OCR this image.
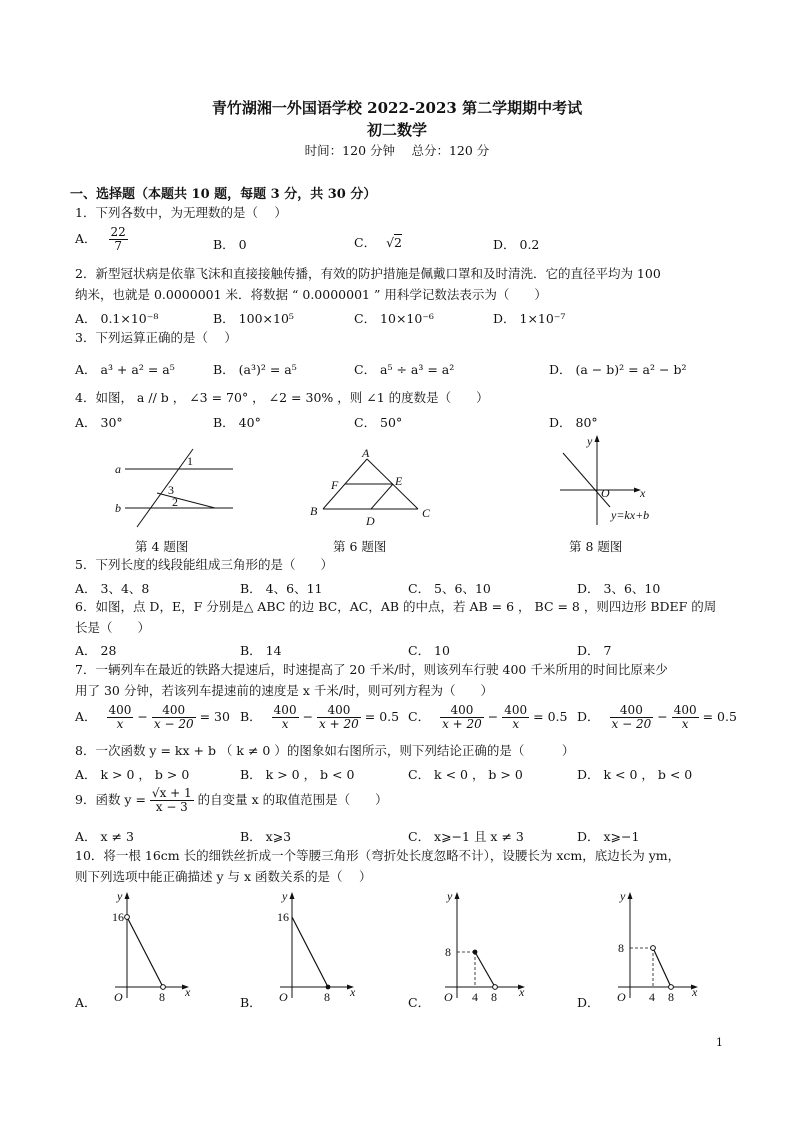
青竹湖湘一外国语学校 2022-2023 第二学期期中考试
初二数学
时间：120 分钟　 总分：120 分
一、选择题（本题共 10 题，每题 3 分，共 30 分）
1．下列各数中，为无理数的是（　 ）
A． $\frac{22}{7}$	B． 0	C． √2	D． 0.2
2．新型冠状病是依靠飞沫和直接接触传播，有效的防护措施是佩戴口罩和及时清洗．它的直径平均为 100
纳米，也就是 0.0000001 米．将数据 “ 0.0000001 ” 用科学记数法表示为（　　）
A． 0.1×10⁻⁸	B． 100×10⁵	C． 10×10⁻⁶	D． 1×10⁻⁷
3．下列运算正确的是（　 ）
A． a³ + a² = a⁵	B． (a³)² = a⁵	C． a⁵ ÷ a³ = a²	D． (a − b)² = a² − b²
4．如图， a // b ， ∠3 = 70° ， ∠2 = 30% ，则 ∠1 的度数是（　　）
A． 30°	B． 40°	C． 50°	D． 80°
a
b
1
3
2
第 4 题图
A
B	C
D
E
F
第 6 题图
y
x
O
y=kx+b
第 8 题图
5．下列长度的线段能组成三角形的是（　　）
A． 3、4、8	B． 4、6、11	C． 5、6、10	D． 3、6、10
6．如图，点 D，E，F 分别是△ ABC 的边 BC，AC，AB 的中点，若 AB = 6 ， BC = 8 ，则四边形 BDEF 的周
长是（　　）
A． 28	B． 14	C． 10	D． 7
7．一辆列车在最近的铁路大提速后，时速提高了 20 千米/时，则该列车行驶 400 千米所用的时间比原来少
用了 30 分钟，若该列车提速前的速度是 x 千米/时，则可列方程为（　　）
A． $\frac{400}{x} - \frac{400}{x - 20} = 30$ B． $\frac{400}{x} - \frac{400}{x + 20} = 0.5$ C． $\frac{400}{x + 20} - \frac{400}{x} = 0.5$ D． $\frac{400}{x - 20} - \frac{400}{x} = 0.5$
8．一次函数 y = kx + b （ k ≠ 0 ）的图象如右图所示，则下列结论正确的是（　　　）
A． k > 0 ， b > 0	B． k > 0 ， b < 0	C． k < 0 ， b > 0	D． k < 0 ， b < 0
9．函数 $y = \frac{√x + 1}{x - 3}$ 的自变量 x 的取值范围是（　　）
A． x ≠ 3	B． x⩾3	C． x⩾−1 且 x ≠ 3	D． x⩾−1
10．将一根 16cm 长的细铁丝折成一个等腰三角形（弯折处长度忽略不计），设腰长为 xcm，底边长为 ym，
则下列选项中能正确描述 y 与 x 函数关系的是（　 ）
A．
y
x
O
16
8	B．
y
x
O
16
8	C．
y
x
O
8
4 8	D．
y
x
O
8
4 8
1
